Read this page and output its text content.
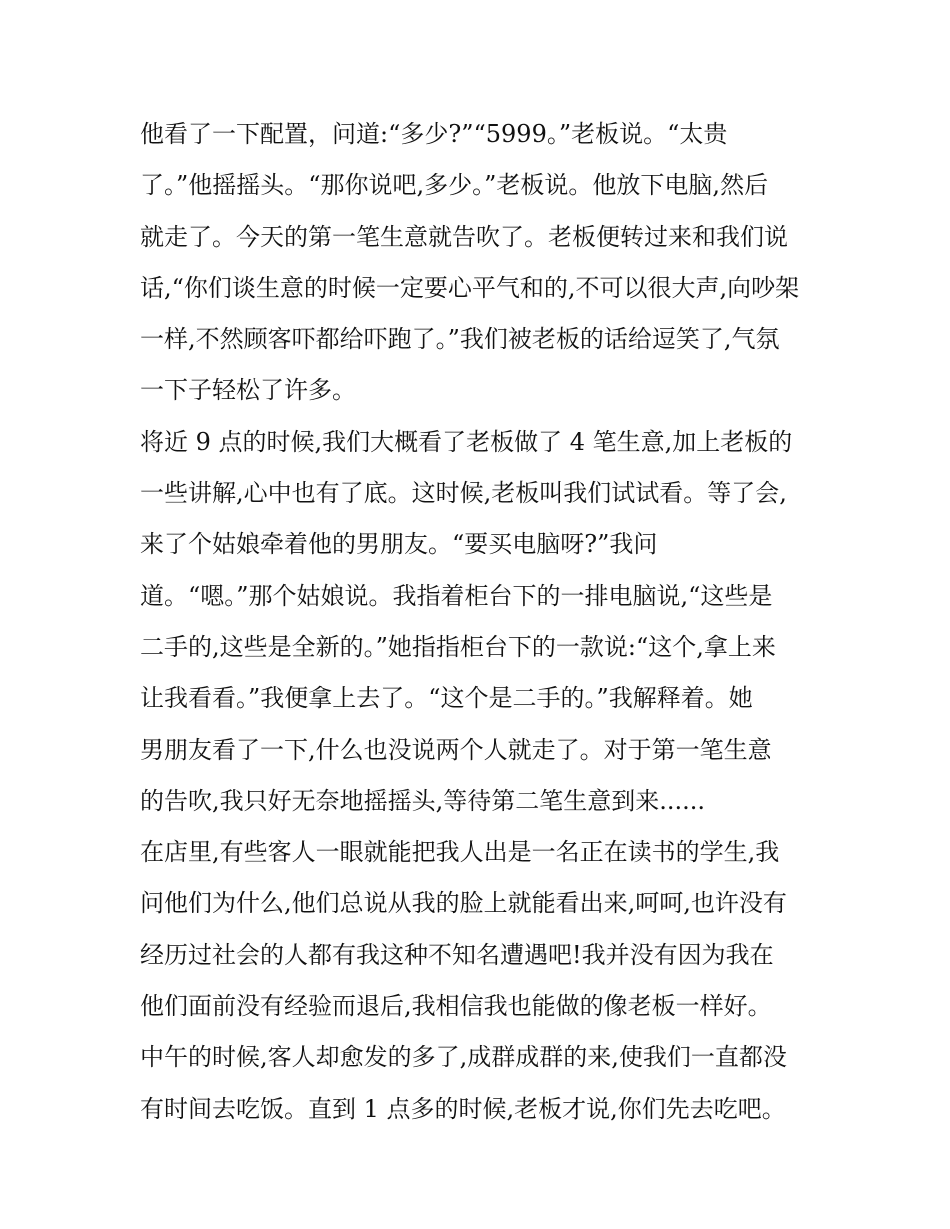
他看了一下配置，问道:“多少?”“5999。”老板说。“太贵
了。”他摇摇头。“那你说吧,多少。”老板说。他放下电脑,然后
就走了。今天的第一笔生意就告吹了。老板便转过来和我们说
话,“你们谈生意的时候一定要心平气和的,不可以很大声,向吵架
一样,不然顾客吓都给吓跑了。”我们被老板的话给逗笑了,气氛
一下子轻松了许多。
将近 9 点的时候,我们大概看了老板做了 4 笔生意,加上老板的
一些讲解,心中也有了底。这时候,老板叫我们试试看。等了会,
来了个姑娘牵着他的男朋友。“要买电脑呀?”我问
道。“嗯。”那个姑娘说。我指着柜台下的一排电脑说,“这些是
二手的,这些是全新的。”她指指柜台下的一款说:“这个,拿上来
让我看看。”我便拿上去了。“这个是二手的。”我解释着。她
男朋友看了一下,什么也没说两个人就走了。对于第一笔生意
的告吹,我只好无奈地摇摇头,等待第二笔生意到来......
在店里,有些客人一眼就能把我人出是一名正在读书的学生,我
问他们为什么,他们总说从我的脸上就能看出来,呵呵,也许没有
经历过社会的人都有我这种不知名遭遇吧!我并没有因为我在
他们面前没有经验而退后,我相信我也能做的像老板一样好。
中午的时候,客人却愈发的多了,成群成群的来,使我们一直都没
有时间去吃饭。直到 1 点多的时候,老板才说,你们先去吃吧。
